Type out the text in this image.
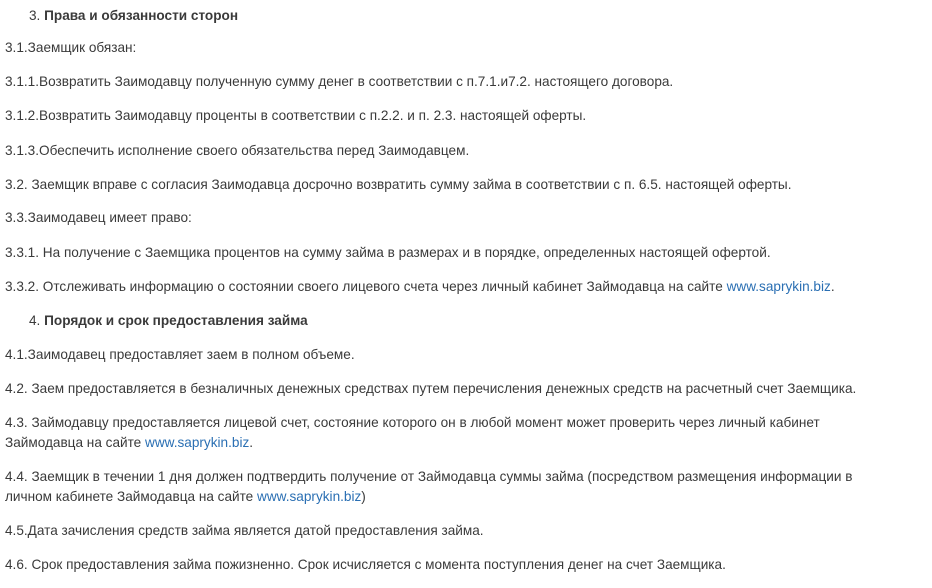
3. Права и обязанности сторон
3.1.Заемщик обязан:
3.1.1.Возвратить Заимодавцу полученную сумму денег в соответствии с п.7.1.и7.2. настоящего договора.
3.1.2.Возвратить Заимодавцу проценты в соответствии с п.2.2. и п. 2.3. настоящей оферты.
3.1.3.Обеспечить исполнение своего обязательства перед Заимодавцем.
3.2. Заемщик вправе с согласия Заимодавца досрочно возвратить сумму займа в соответствии с п. 6.5. настоящей оферты.
3.3.Заимодавец имеет право:
3.3.1. На получение с Заемщика процентов на сумму займа в размерах и в порядке, определенных настоящей офертой.
3.3.2. Отслеживать информацию о состоянии своего лицевого счета через личный кабинет Займодавца на сайте www.saprykin.biz.
4. Порядок и срок предоставления займа
4.1.Заимодавец предоставляет заем в полном объеме.
4.2. Заем предоставляется в безналичных денежных средствах путем перечисления денежных средств на расчетный счет Заемщика.
4.3. Займодавцу предоставляется лицевой счет, состояние которого он в любой момент может проверить через личный кабинет
Займодавца на сайте www.saprykin.biz.
4.4. Заемщик в течении 1 дня должен подтвердить получение от Займодавца суммы займа (посредством размещения информации в
личном кабинете Займодавца на сайте www.saprykin.biz)
4.5.Дата зачисления средств займа является датой предоставления займа.
4.6. Срок предоставления займа пожизненно. Срок исчисляется с момента поступления денег на счет Заемщика.
